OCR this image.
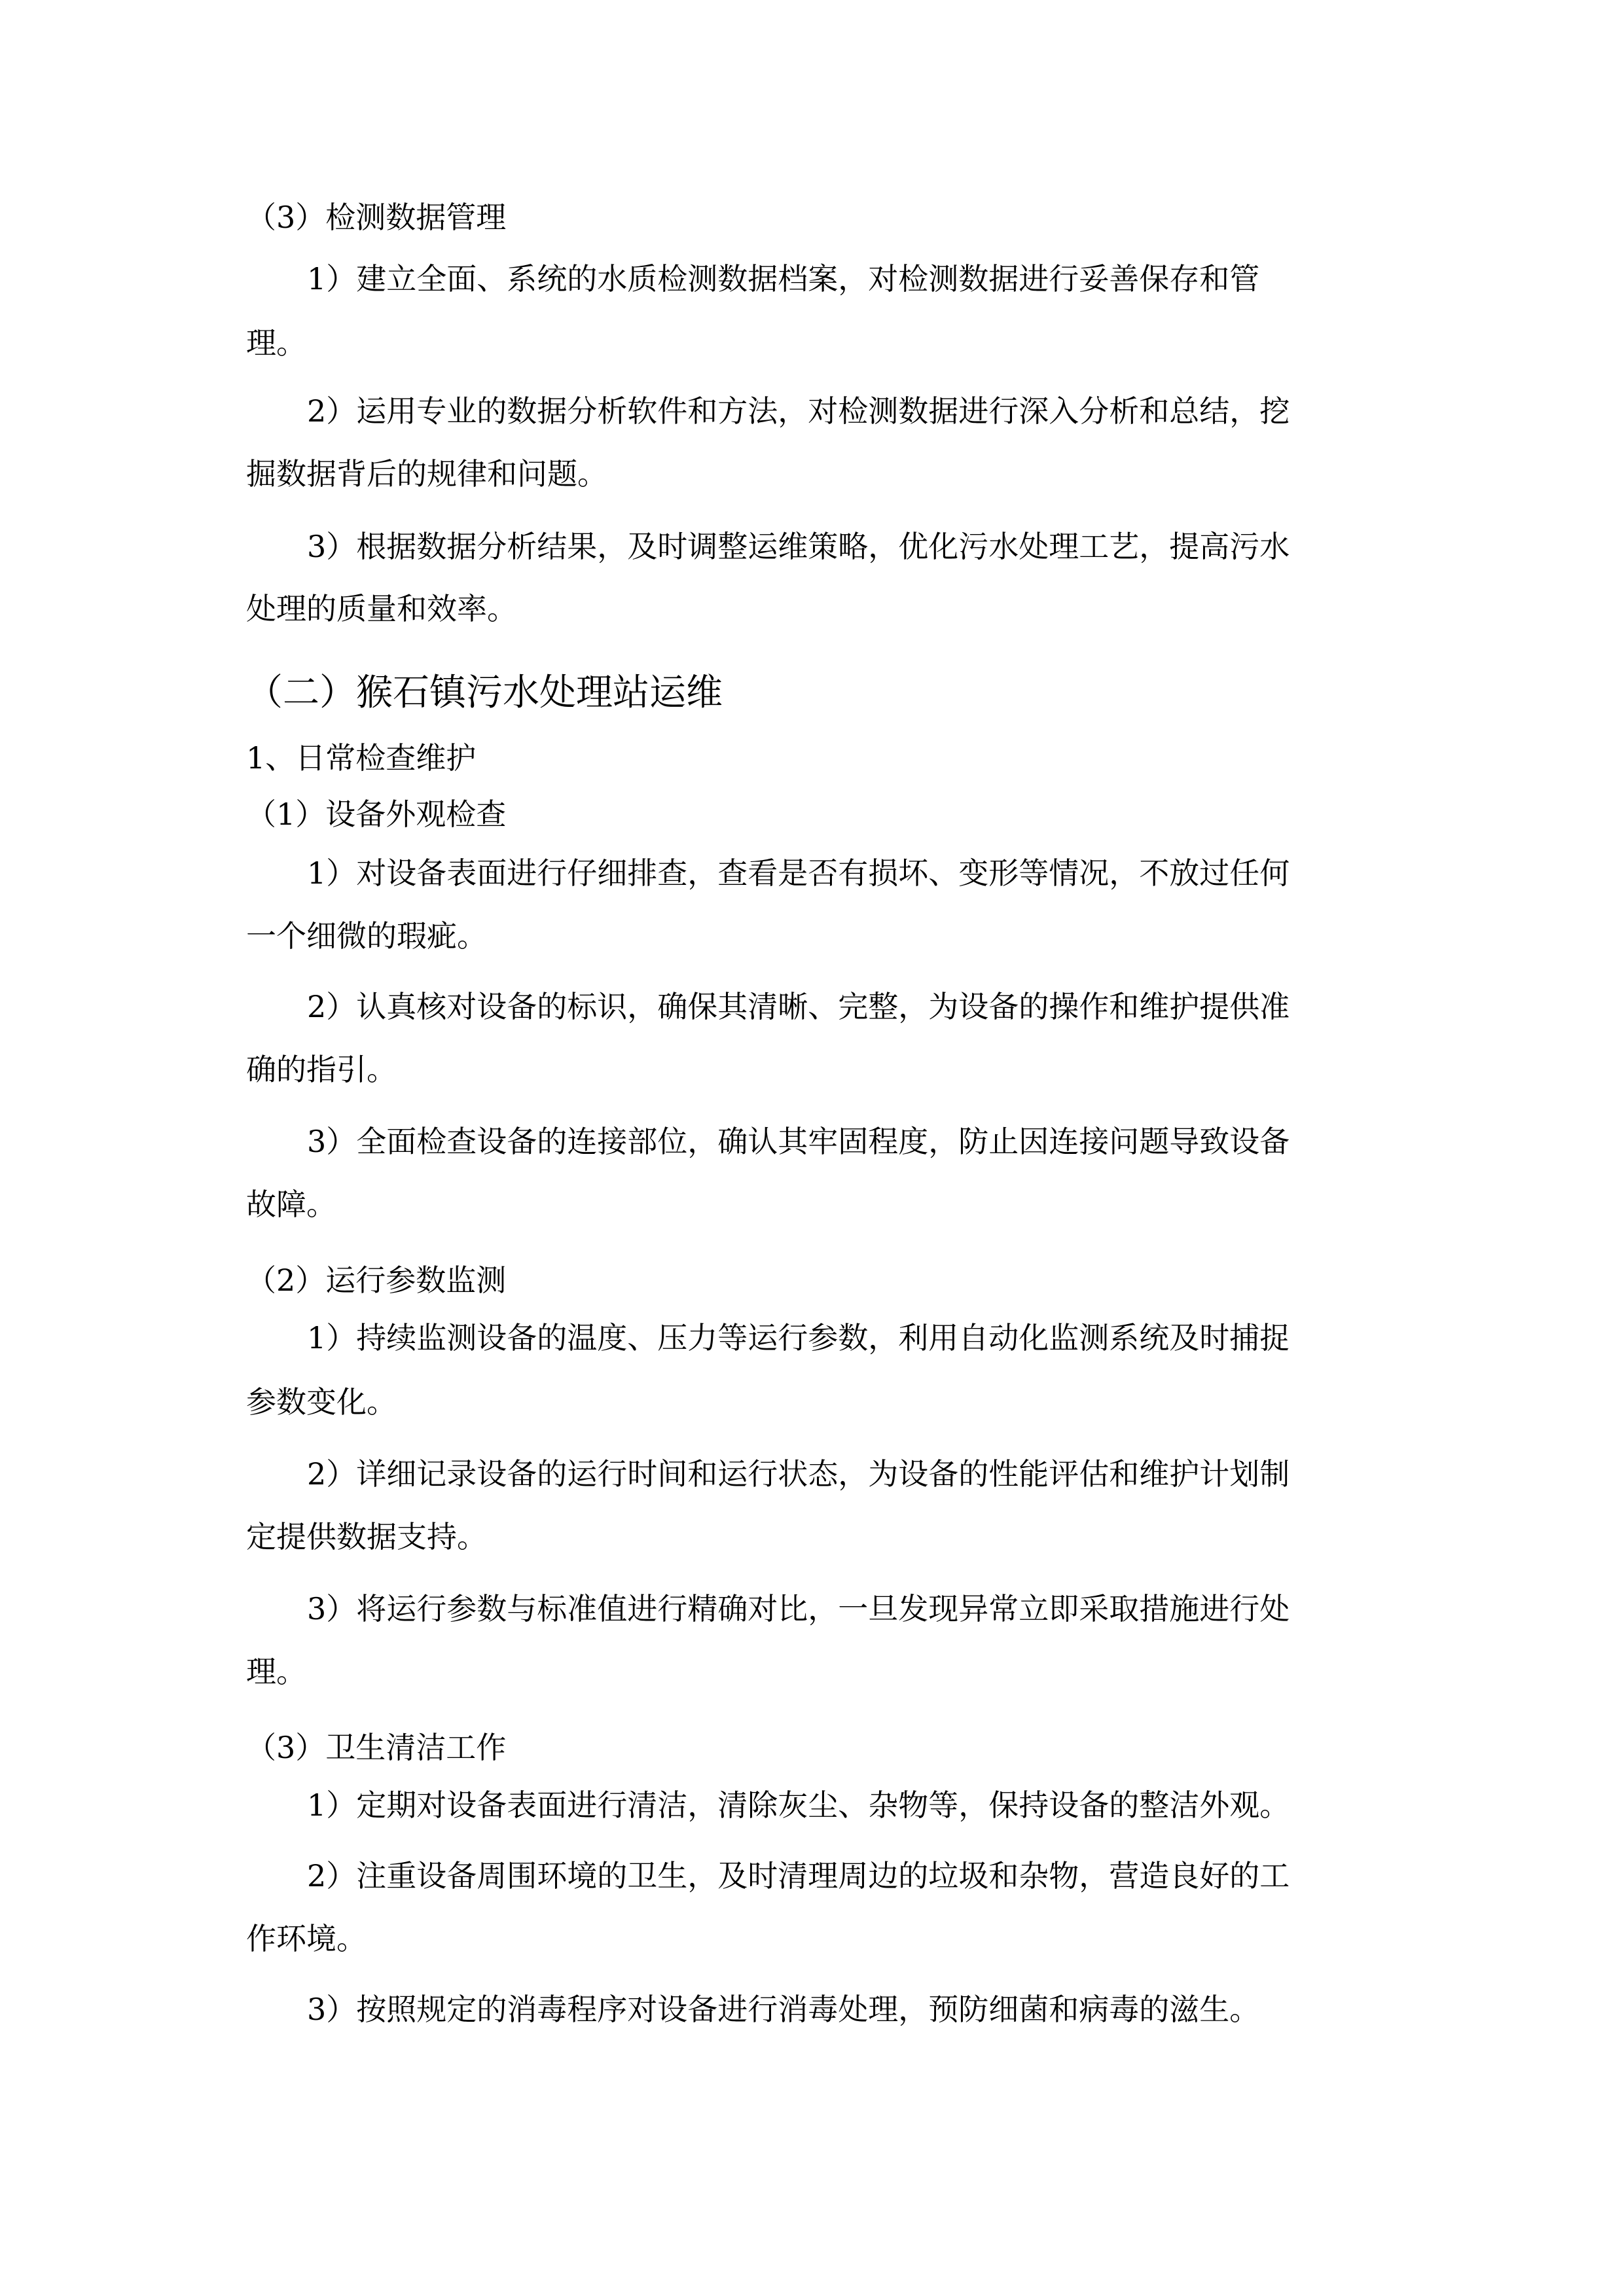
（3）检测数据管理

1）建立全面、系统的水质检测数据档案，对检测数据进行妥善保存和管

理。

2）运用专业的数据分析软件和方法，对检测数据进行深入分析和总结，挖

掘数据背后的规律和问题。

3）根据数据分析结果，及时调整运维策略，优化污水处理工艺，提高污水

处理的质量和效率。

（二）猴石镇污水处理站运维

1、日常检查维护

（1）设备外观检查

1）对设备表面进行仔细排查，查看是否有损坏、变形等情况，不放过任何

一个细微的瑕疵。

2）认真核对设备的标识，确保其清晰、完整，为设备的操作和维护提供准

确的指引。

3）全面检查设备的连接部位，确认其牢固程度，防止因连接问题导致设备

故障。

（2）运行参数监测

1）持续监测设备的温度、压力等运行参数，利用自动化监测系统及时捕捉

参数变化。

2）详细记录设备的运行时间和运行状态，为设备的性能评估和维护计划制

定提供数据支持。

3）将运行参数与标准值进行精确对比，一旦发现异常立即采取措施进行处

理。

（3）卫生清洁工作

1）定期对设备表面进行清洁，清除灰尘、杂物等，保持设备的整洁外观。

2）注重设备周围环境的卫生，及时清理周边的垃圾和杂物，营造良好的工

作环境。

3）按照规定的消毒程序对设备进行消毒处理，预防细菌和病毒的滋生。
